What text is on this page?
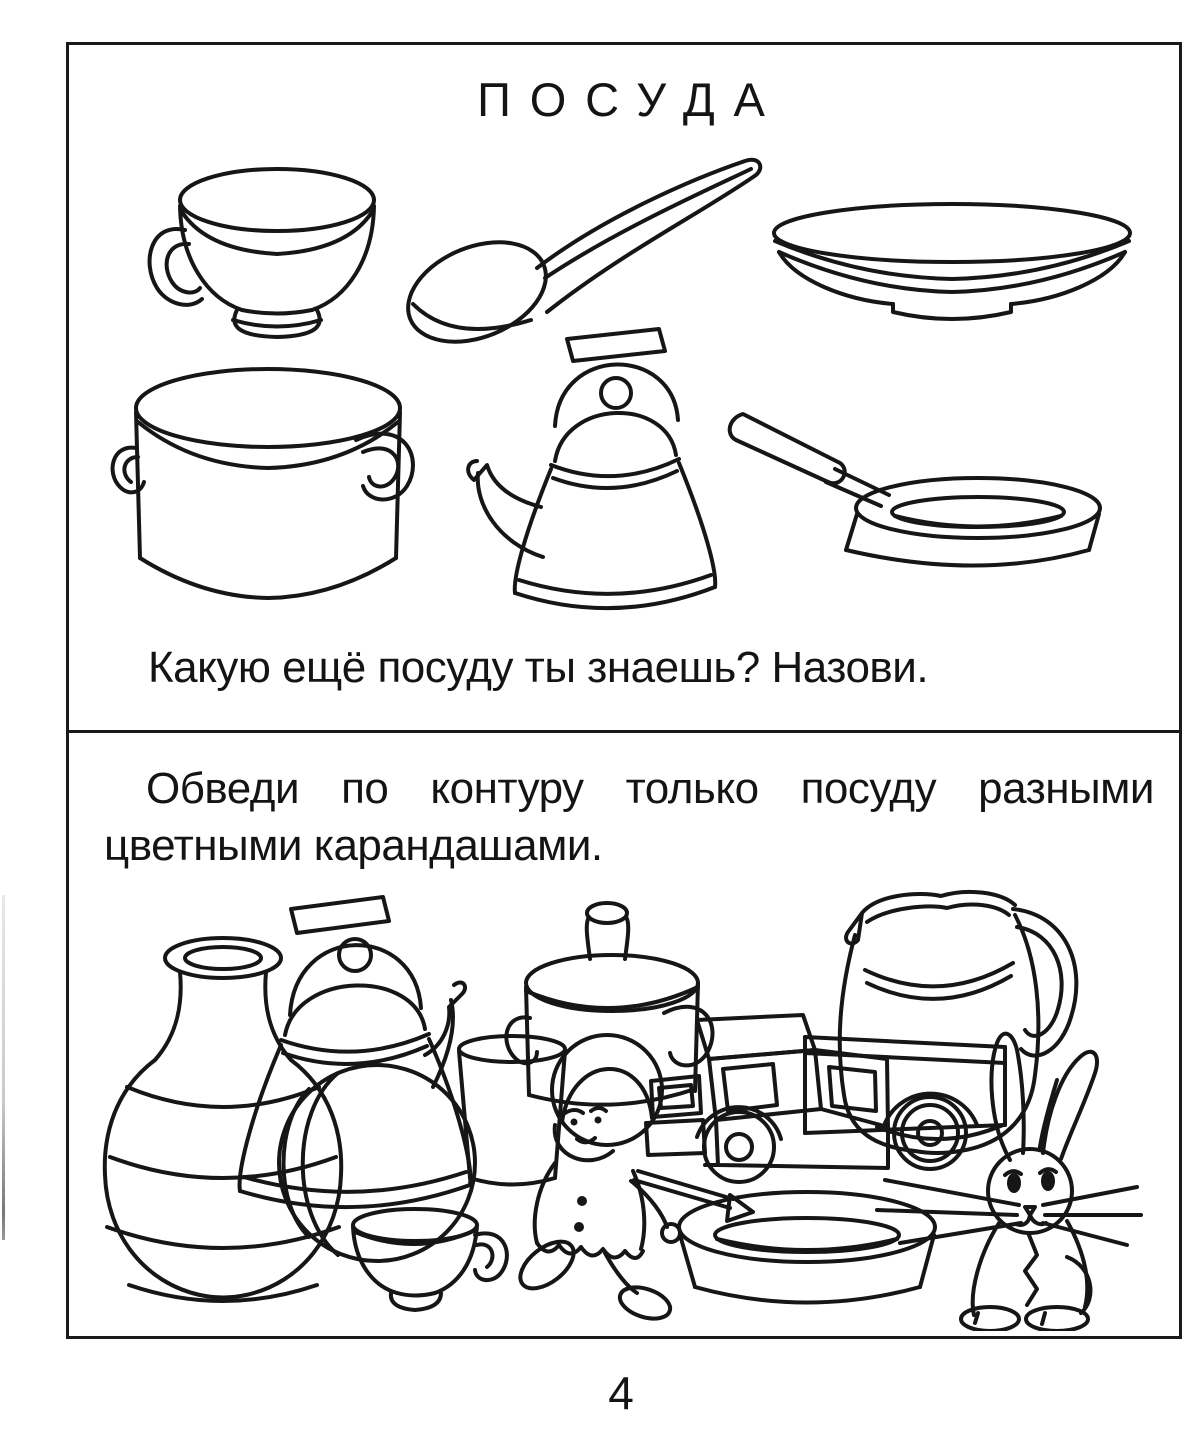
ПОСУДА
Какую ещё посуду ты знаешь? Назови.
Обведи по контуру только посуду разными цветными карандашами.
4
